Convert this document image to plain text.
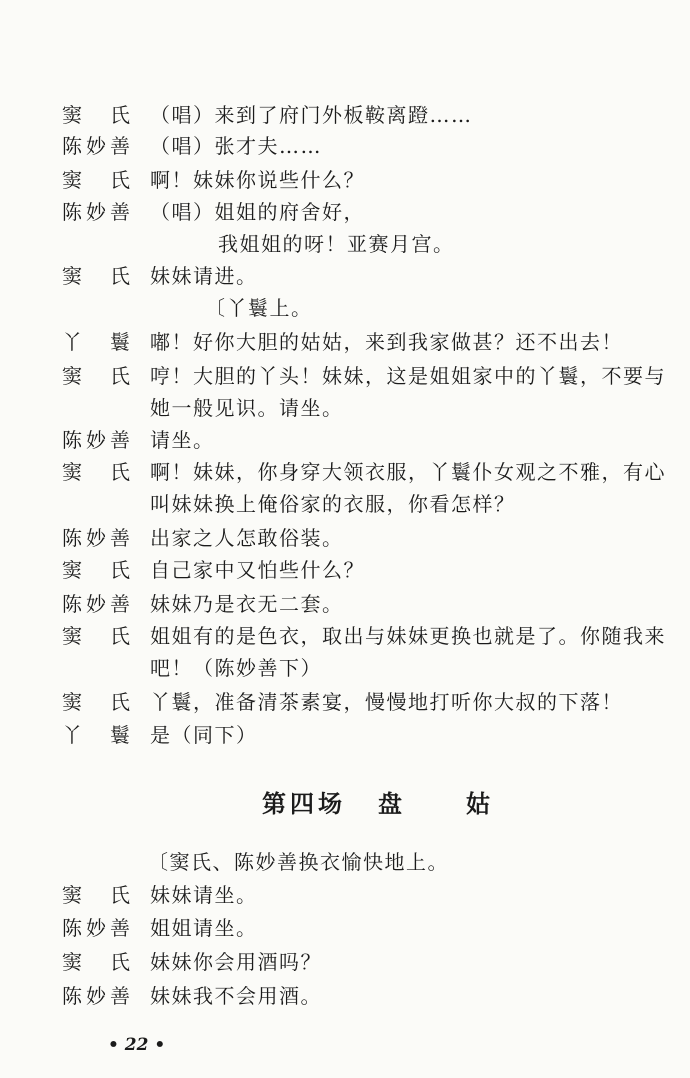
窦 氏 （唱）来到了府门外板鞍离蹬……
陈妙善 （唱）张才夫……
窦 氏 啊！妹妹你说些什么？
陈妙善 （唱）姐姐的府舍好，
我姐姐的呀！亚赛月宫。
窦 氏 妹妹请进。
〔丫鬟上。
丫 鬟 嘟！好你大胆的姑姑，来到我家做甚？还不出去！
窦 氏 哼！大胆的丫头！妹妹，这是姐姐家中的丫鬟，不要与
她一般见识。请坐。
陈妙善 请坐。
窦 氏 啊！妹妹，你身穿大领衣服，丫鬟仆女观之不雅，有心
叫妹妹换上俺俗家的衣服，你看怎样？
陈妙善 出家之人怎敢俗装。
窦 氏 自己家中又怕些什么？
陈妙善 妹妹乃是衣无二套。
窦 氏 姐姐有的是色衣，取出与妹妹更换也就是了。你随我来
吧！（陈妙善下）
窦 氏 丫鬟，准备清茶素宴，慢慢地打听你大叔的下落！
丫 鬟 是（同下）
第四场 盘 姑
〔窦氏、陈妙善换衣愉快地上。
窦 氏 妹妹请坐。
陈妙善 姐姐请坐。
窦 氏 妹妹你会用酒吗？
陈妙善 妹妹我不会用酒。
• 22 •
